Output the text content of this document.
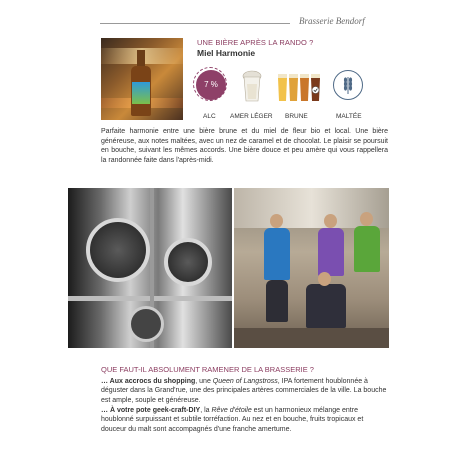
Brasserie Bendorf
UNE BIÈRE APRÈS LA RANDO ?
Miel Harmonie
7 %
ALC AMER LÉGER BRUNE	MALTÉE

Parfaite harmonie entre une bière brune et du miel de fleur bio et local. Une bière généreuse, aux notes maltées, avec un nez de caramel et de chocolat. Le plaisir se poursuit en bouche, suivant les mêmes accords. Une bière douce et peu amère qui vous rappellera la randonnée faite dans l'après-midi.

QUE FAUT-IL ABSOLUMENT RAMENER DE LA BRASSERIE ?

… Aux accrocs du shopping, une Queen of Langstross, IPA fortement houblonnée à déguster dans la Grand'rue, une des principales artères commerciales de la ville. La bouche est ample, souple et généreuse.

… À votre pote geek-craft-DIY, la Rêve d'étoile est un harmonieux mélange entre houblonné surpuissant et subtile torréfaction. Au nez et en bouche, fruits tropicaux et douceur du malt sont accompagnés d'une franche amertume.
